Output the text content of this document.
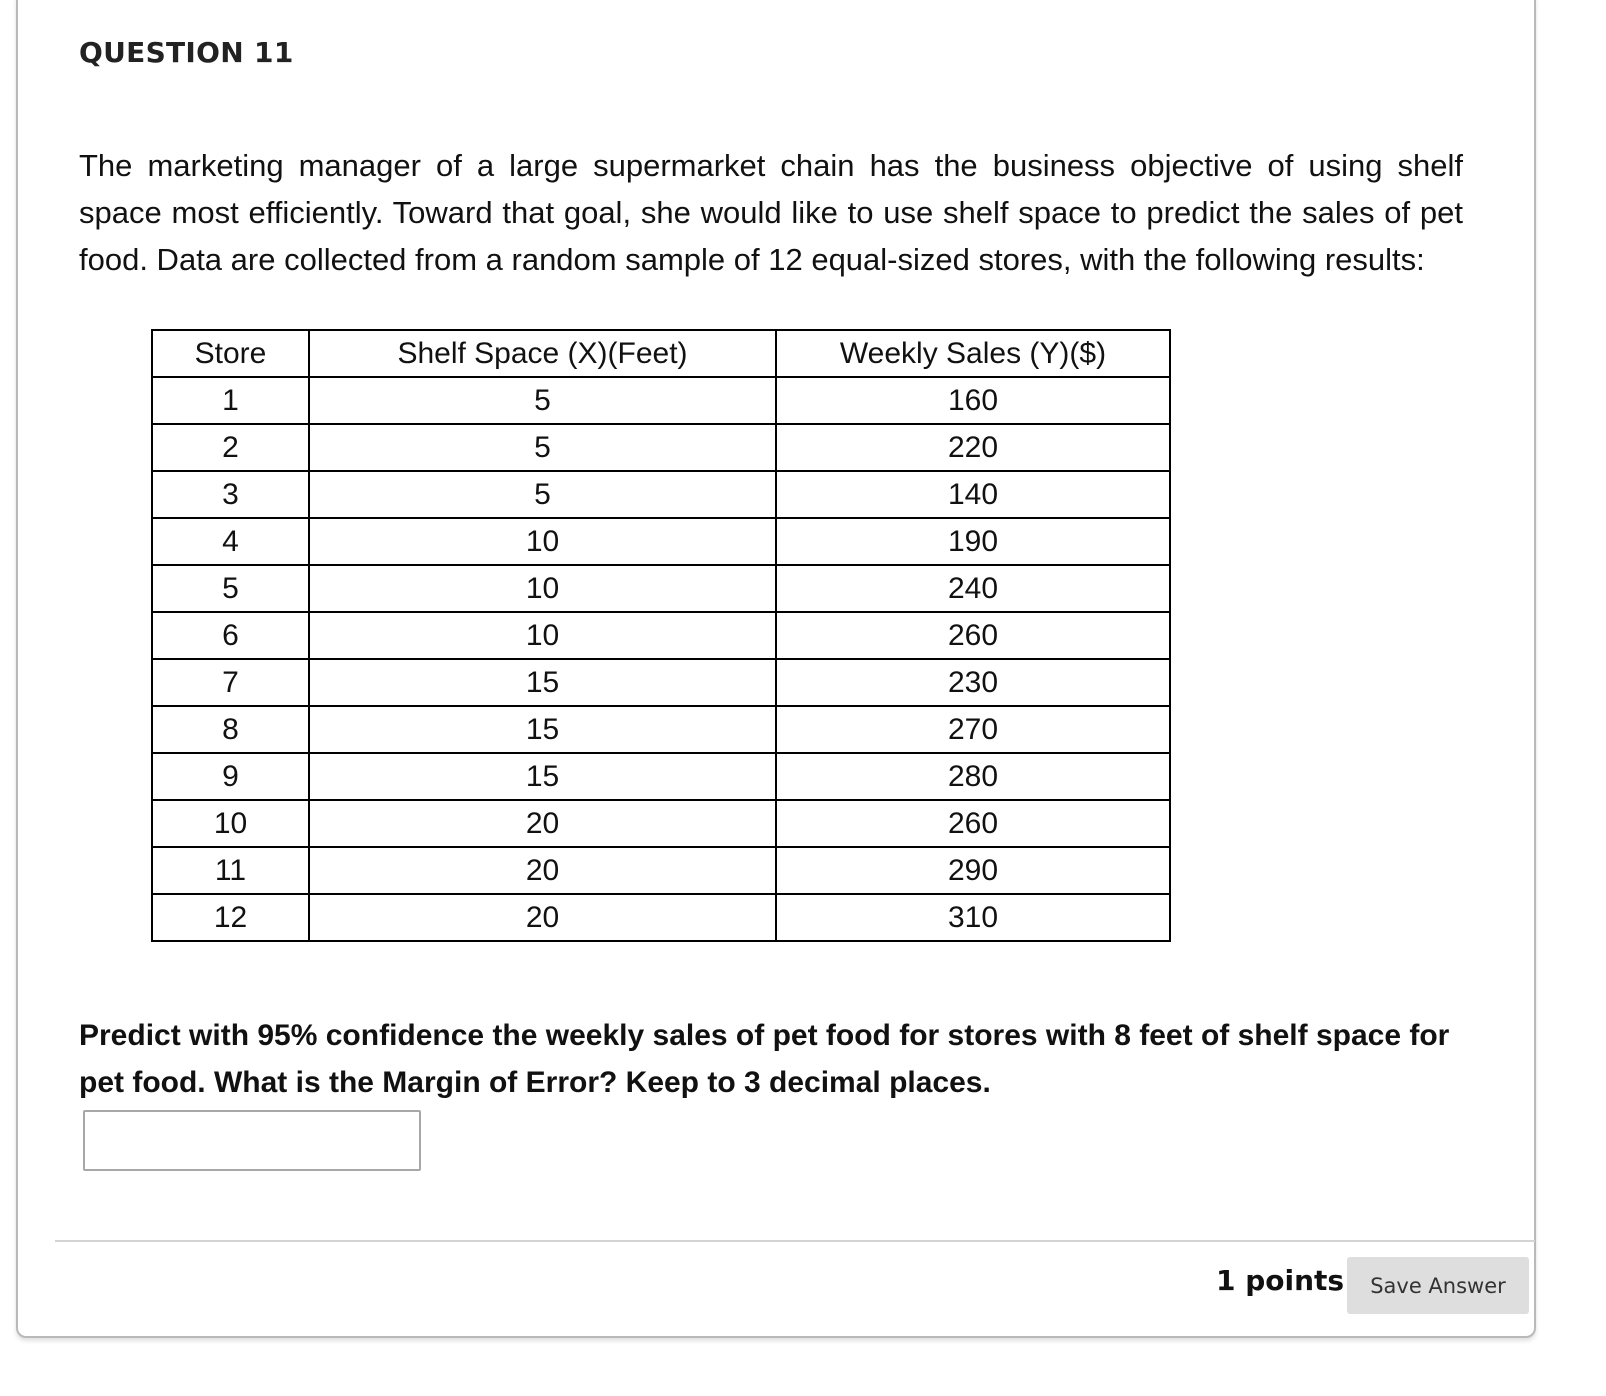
QUESTION 11
The marketing manager of a large supermarket chain has the business objective of using shelf space most efficiently. Toward that goal, she would like to use shelf space to predict the sales of pet food. Data are collected from a random sample of 12 equal-sized stores, with the following results:
Store	Shelf Space (X)(Feet)	Weekly Sales (Y)($)
1	5	160
2	5	220
3	5	140
4	10	190
5	10	240
6	10	260
7	15	230
8	15	270
9	15	280
10	20	260
11	20	290
12	20	310
Predict with 95% confidence the weekly sales of pet food for stores with 8 feet of shelf space for pet food. What is the Margin of Error? Keep to 3 decimal places.
1 points	Save Answer
